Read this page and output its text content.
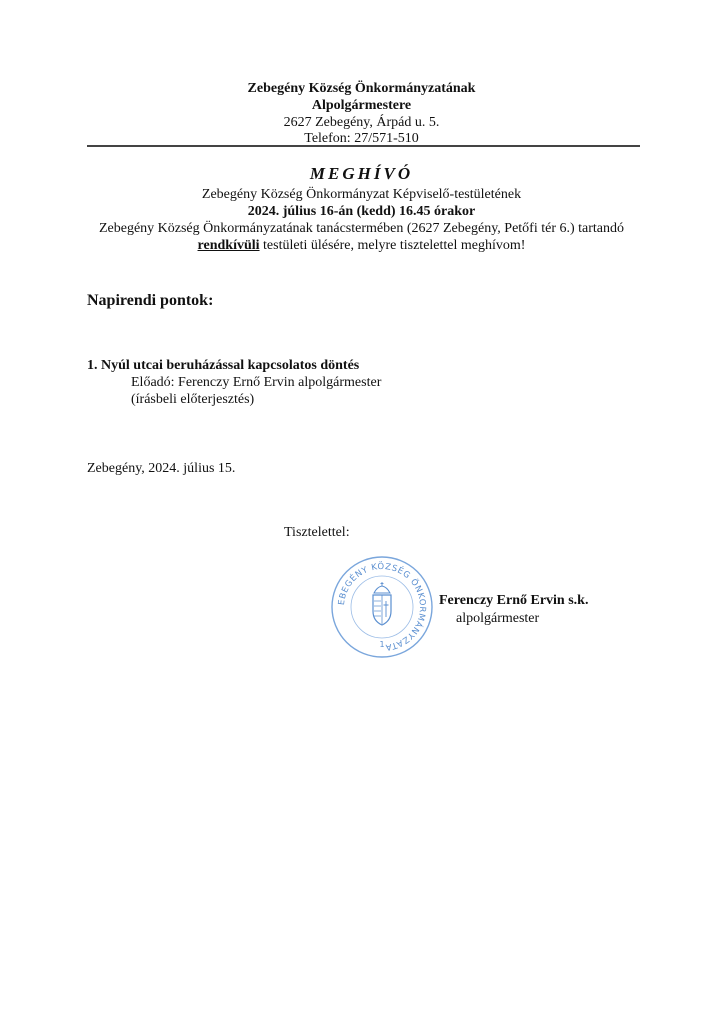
Zebegény Község Önkormányzatának
Alpolgármestere
2627 Zebegény, Árpád u. 5.
Telefon: 27/571-510
MEGHÍVÓ
Zebegény Község Önkormányzat Képviselő-testületének
2024. július 16-án (kedd) 16.45 órakor
Zebegény Község Önkormányzatának tanácstermében (2627 Zebegény, Petőfi tér 6.) tartandó
rendkívüli testületi ülésére, melyre tisztelettel meghívom!
Napirendi pontok:
1. Nyúl utcai beruházással kapcsolatos döntés
Előadó: Ferenczy Ernő Ervin alpolgármester
(írásbeli előterjesztés)
Zebegény, 2024. július 15.
Tisztelettel:
EBEGÉNY KÖZSÉG ÖNKORMÁNYZATA
1
Ferenczy Ernő Ervin s.k.
alpolgármester
